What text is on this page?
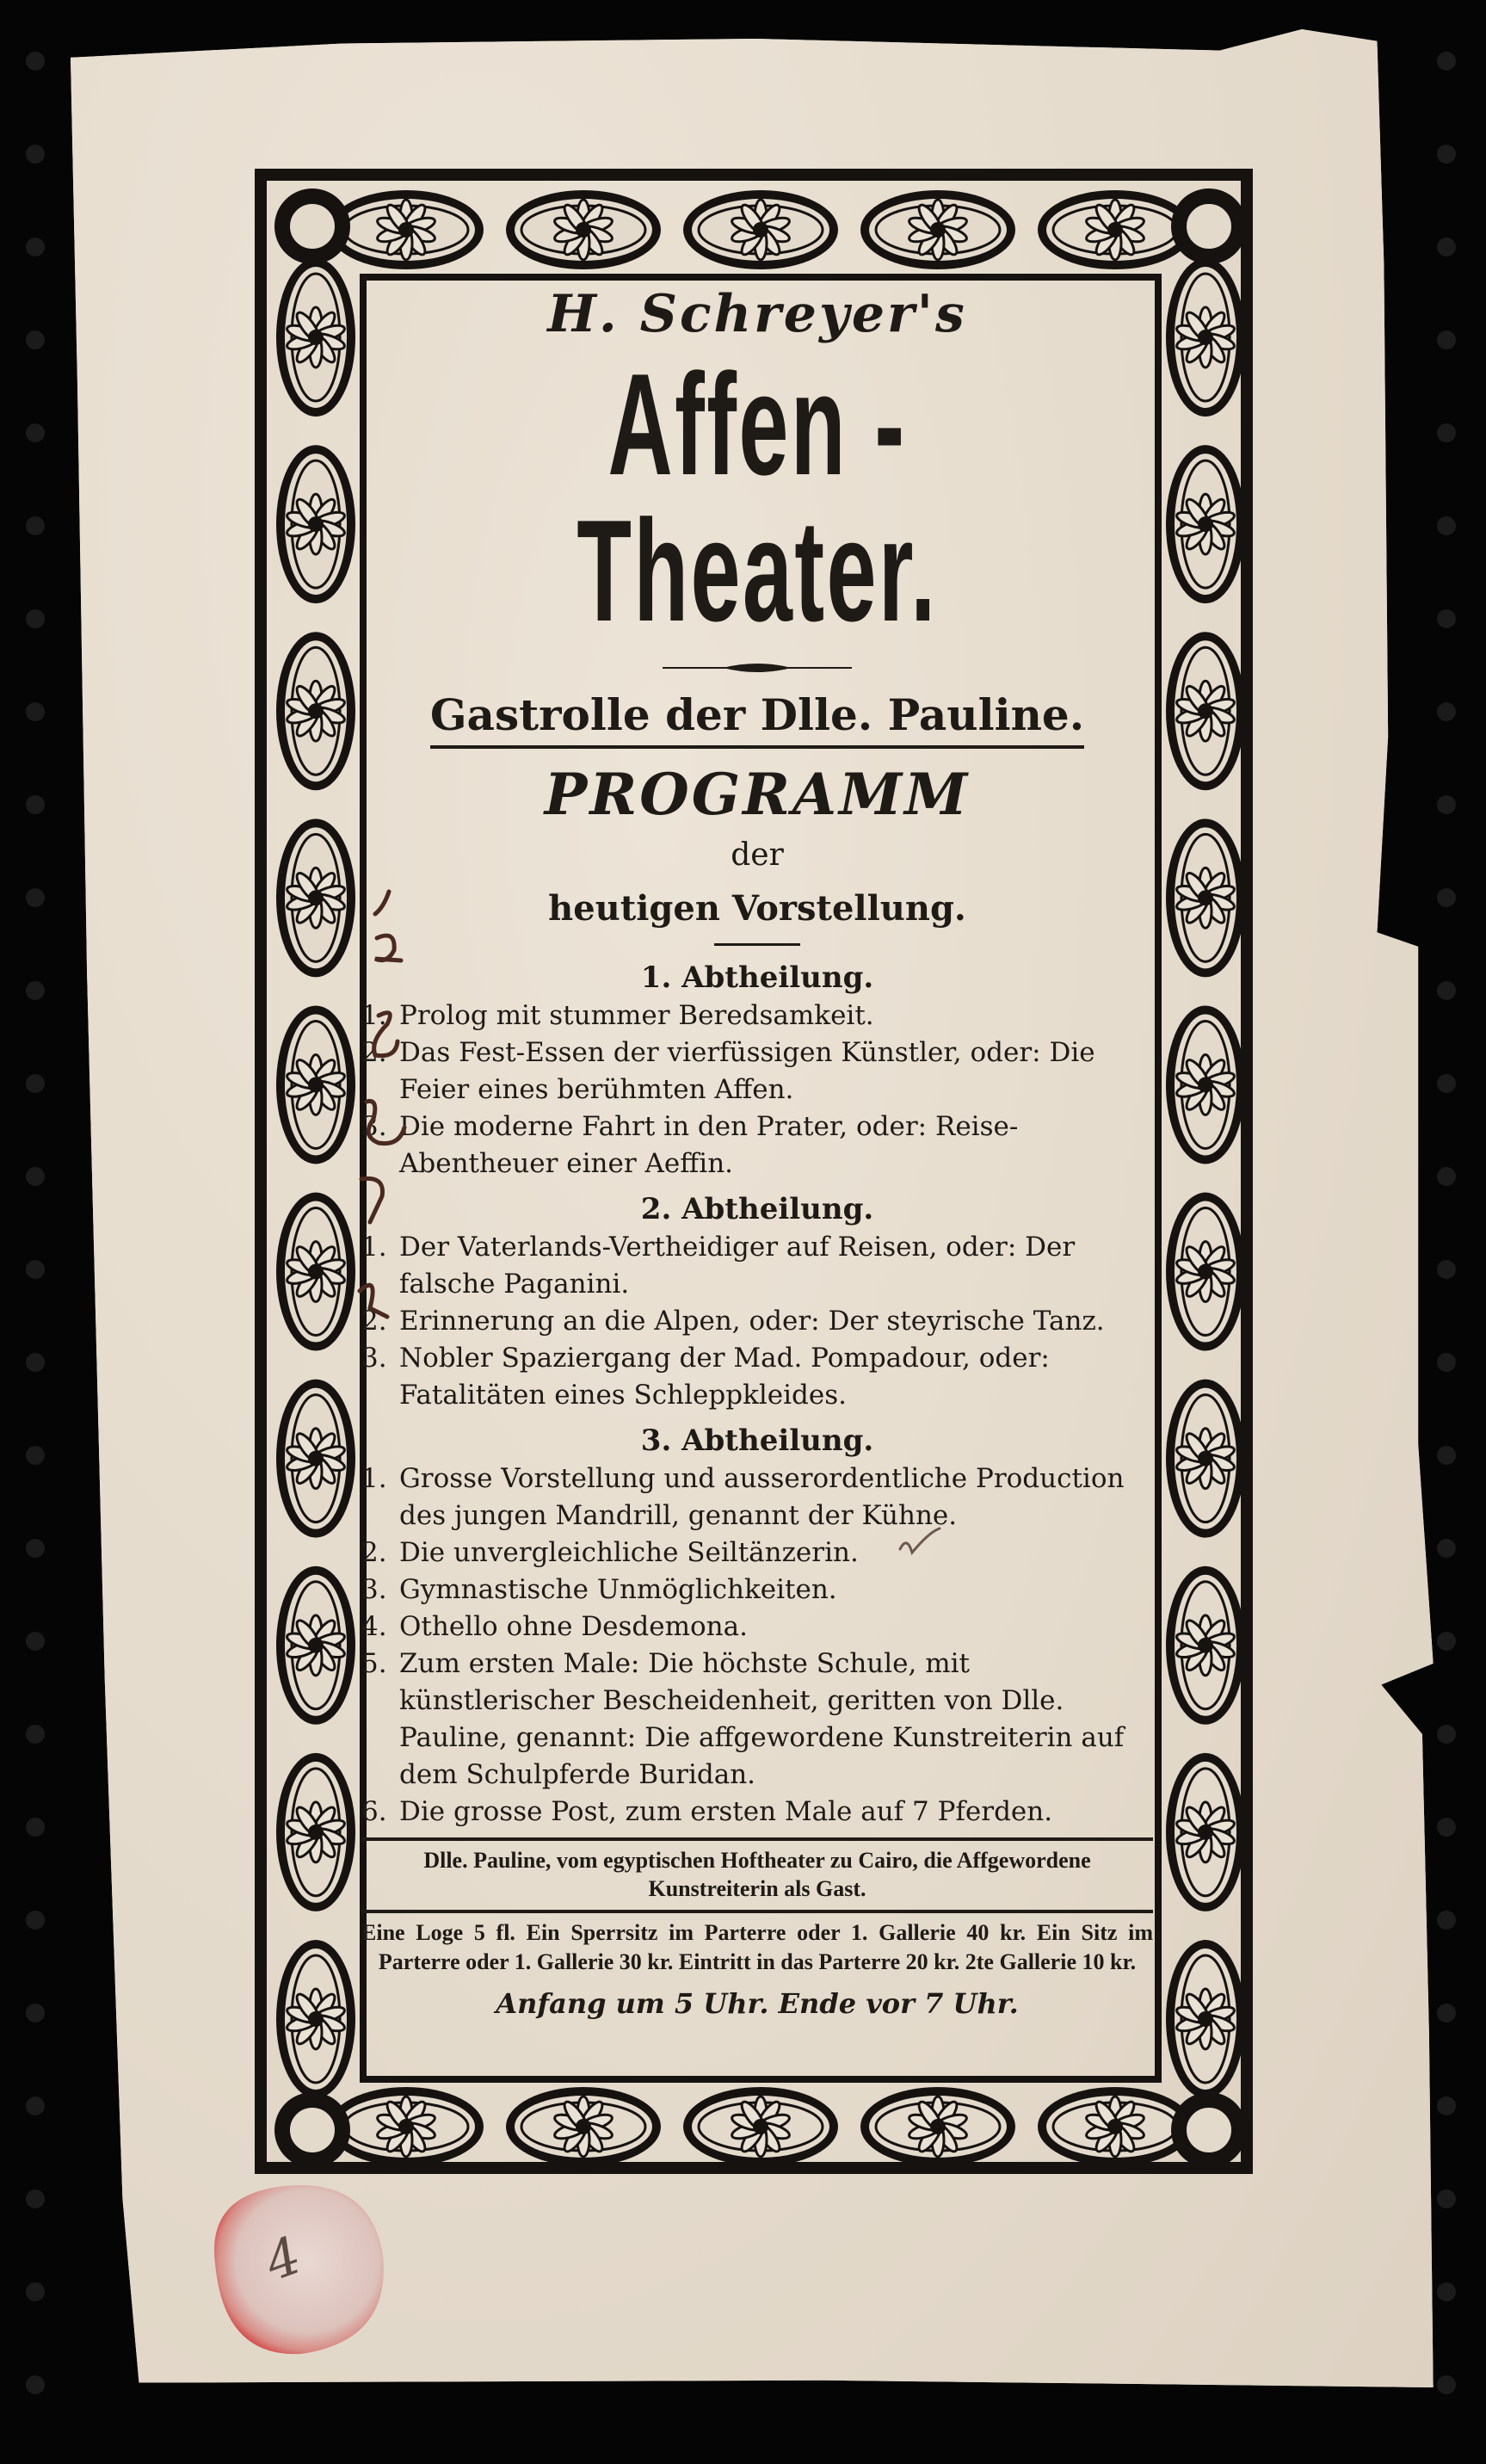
H. Schreyer's
Affen - Theater.
Gastrolle der Dlle. Pauline.
PROGRAMM
der
heutigen Vorstellung.
1. Abtheilung.
1. Prolog mit stummer Beredsamkeit.
2. Das Fest-Essen der vierfüssigen Künstler, oder: Die Feier eines berühmten Affen.
3. Die moderne Fahrt in den Prater, oder: Reise-Abentheuer einer Aeffin.
2. Abtheilung.
1. Der Vaterlands-Vertheidiger auf Reisen, oder: Der falsche Paganini.
2. Erinnerung an die Alpen, oder: Der steyrische Tanz.
3. Nobler Spaziergang der Mad. Pompadour, oder: Fatalitäten eines Schleppkleides.
3. Abtheilung.
1. Grosse Vorstellung und ausserordentliche Production des jungen Mandrill, genannt der Kühne.
2. Die unvergleichliche Seiltänzerin.
3. Gymnastische Unmöglichkeiten.
4. Othello ohne Desdemona.
5. Zum ersten Male: Die höchste Schule, mit künstlerischer Bescheidenheit, geritten von Dlle. Pauline, genannt: Die affgewordene Kunstreiterin auf dem Schulpferde Buridan.
6. Die grosse Post, zum ersten Male auf 7 Pferden.
Dlle. Pauline, vom egyptischen Hoftheater zu Cairo, die Affgewordene Kunstreiterin als Gast.
Eine Loge 5 fl. Ein Sperrsitz im Parterre oder 1. Gallerie 40 kr. Ein Sitz im Parterre oder 1. Gallerie 30 kr. Eintritt in das Parterre 20 kr. 2te Gallerie 10 kr.
Anfang um 5 Uhr. Ende vor 7 Uhr.
4
